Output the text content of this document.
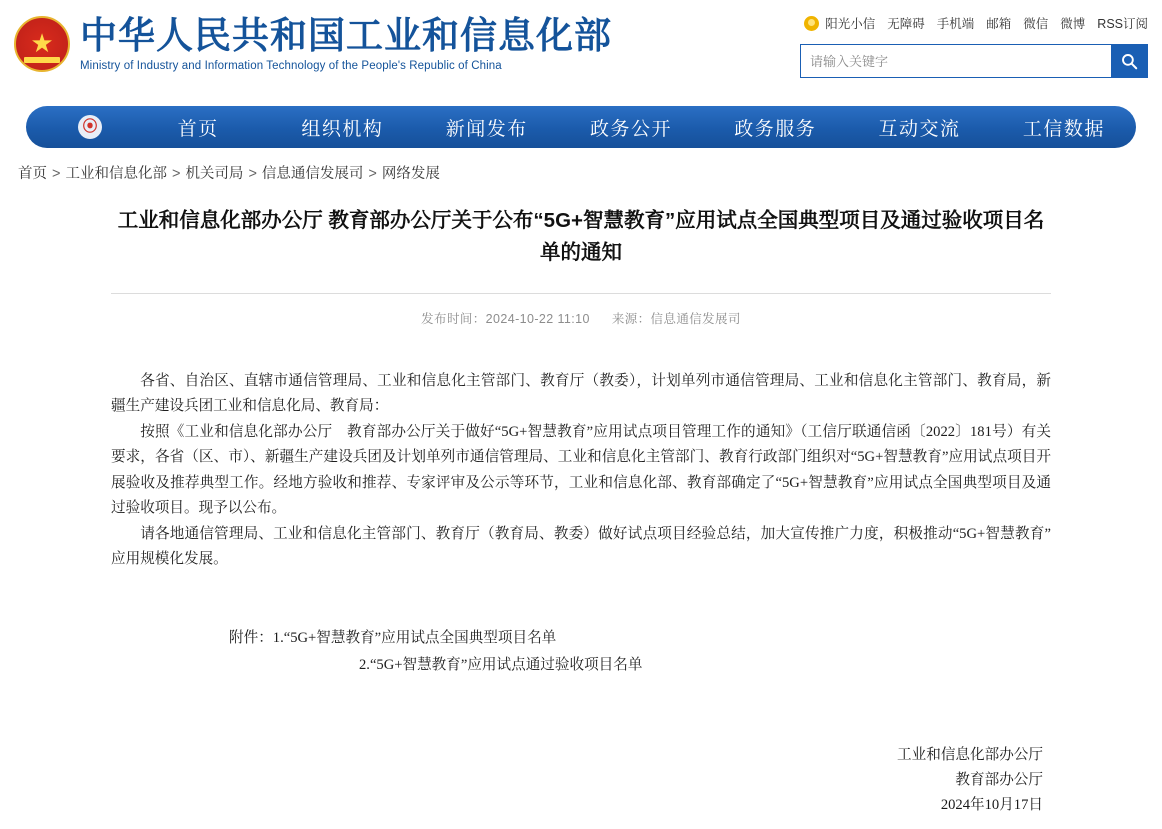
★
中华人民共和国工业和信息化部
Ministry of Industry and Information Technology of the People's Republic of China
阳光小信 无障碍 手机端 邮箱 微信 微博 RSS订阅
请输入关键字
⦿	首页	组织机构	新闻发布	政务公开	政务服务	互动交流	工信数据
首页 > 工业和信息化部 > 机关司局 > 信息通信发展司 > 网络发展
工业和信息化部办公厅 教育部办公厅关于公布“5G+智慧教育”应用试点全国典型项目及通过验收项目名单的通知
发布时间：2024-10-22 11:10 来源：信息通信发展司

各省、自治区、直辖市通信管理局、工业和信息化主管部门、教育厅（教委），计划单列市通信管理局、工业和信息化主管部门、教育局，新疆生产建设兵团工业和信息化局、教育局：

按照《工业和信息化部办公厅　教育部办公厅关于做好“5G+智慧教育”应用试点项目管理工作的通知》（工信厅联通信函〔2022〕181号）有关要求，各省（区、市）、新疆生产建设兵团及计划单列市通信管理局、工业和信息化主管部门、教育行政部门组织对“5G+智慧教育”应用试点项目开展验收及推荐典型工作。经地方验收和推荐、专家评审及公示等环节，工业和信息化部、教育部确定了“5G+智慧教育”应用试点全国典型项目及通过验收项目。现予以公布。

请各地通信管理局、工业和信息化主管部门、教育厅（教育局、教委）做好试点项目经验总结，加大宣传推广力度，积极推动“5G+智慧教育”应用规模化发展。

附件：1.“5G+智慧教育”应用试点全国典型项目名单
2.“5G+智慧教育”应用试点通过验收项目名单
工业和信息化部办公厅
教育部办公厅
2024年10月17日
